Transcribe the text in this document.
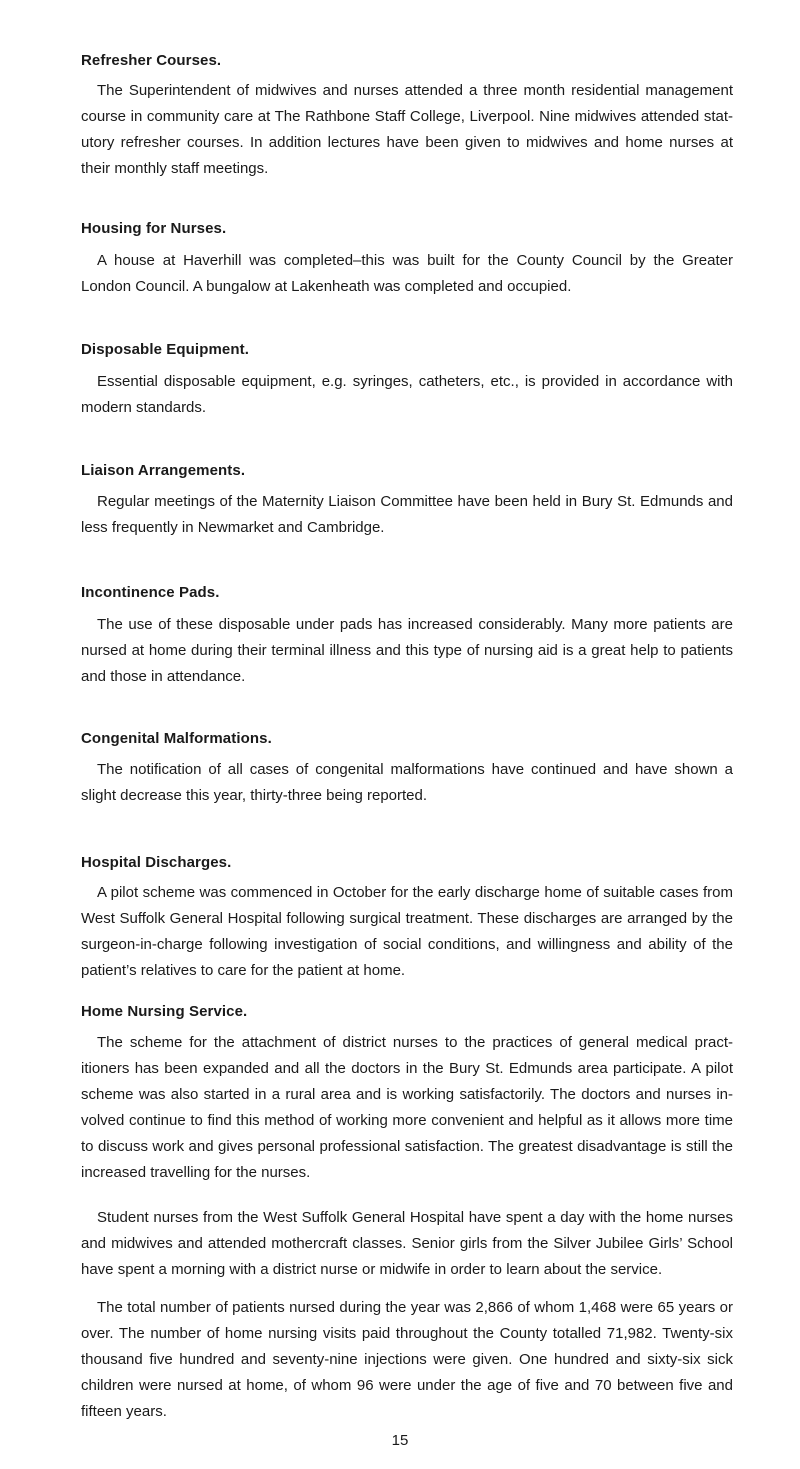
Refresher Courses.

The Superintendent of midwives and nurses attended a three month residential management course in community care at The Rathbone Staff College, Liverpool. Nine midwives attended stat-utory refresher courses. In addition lectures have been given to midwives and home nurses at their monthly staff meetings.

Housing for Nurses.

A house at Haverhill was completed–this was built for the County Council by the Greater London Council. A bungalow at Lakenheath was completed and occupied.

Disposable Equipment.

Essential disposable equipment, e.g. syringes, catheters, etc., is provided in accordance with modern standards.

Liaison Arrangements.

Regular meetings of the Maternity Liaison Committee have been held in Bury St. Edmunds and less frequently in Newmarket and Cambridge.

Incontinence Pads.

The use of these disposable under pads has increased considerably. Many more patients are nursed at home during their terminal illness and this type of nursing aid is a great help to patients and those in attendance.

Congenital Malformations.

The notification of all cases of congenital malformations have continued and have shown a slight decrease this year, thirty-three being reported.

Hospital Discharges.

A pilot scheme was commenced in October for the early discharge home of suitable cases from West Suffolk General Hospital following surgical treatment. These discharges are arranged by the surgeon-in-charge following investigation of social conditions, and willingness and ability of the patient’s relatives to care for the patient at home.

Home Nursing Service.

The scheme for the attachment of district nurses to the practices of general medical pract-itioners has been expanded and all the doctors in the Bury St. Edmunds area participate. A pilot scheme was also started in a rural area and is working satisfactorily. The doctors and nurses in-volved continue to find this method of working more convenient and helpful as it allows more time to discuss work and gives personal professional satisfaction. The greatest disadvantage is still the increased travelling for the nurses.

Student nurses from the West Suffolk General Hospital have spent a day with the home nurses and midwives and attended mothercraft classes. Senior girls from the Silver Jubilee Girls’ School have spent a morning with a district nurse or midwife in order to learn about the service.

The total number of patients nursed during the year was 2,866 of whom 1,468 were 65 years or over. The number of home nursing visits paid throughout the County totalled 71,982. Twenty-six thousand five hundred and seventy-nine injections were given. One hundred and sixty-six sick children were nursed at home, of whom 96 were under the age of five and 70 between five and fifteen years.

15
